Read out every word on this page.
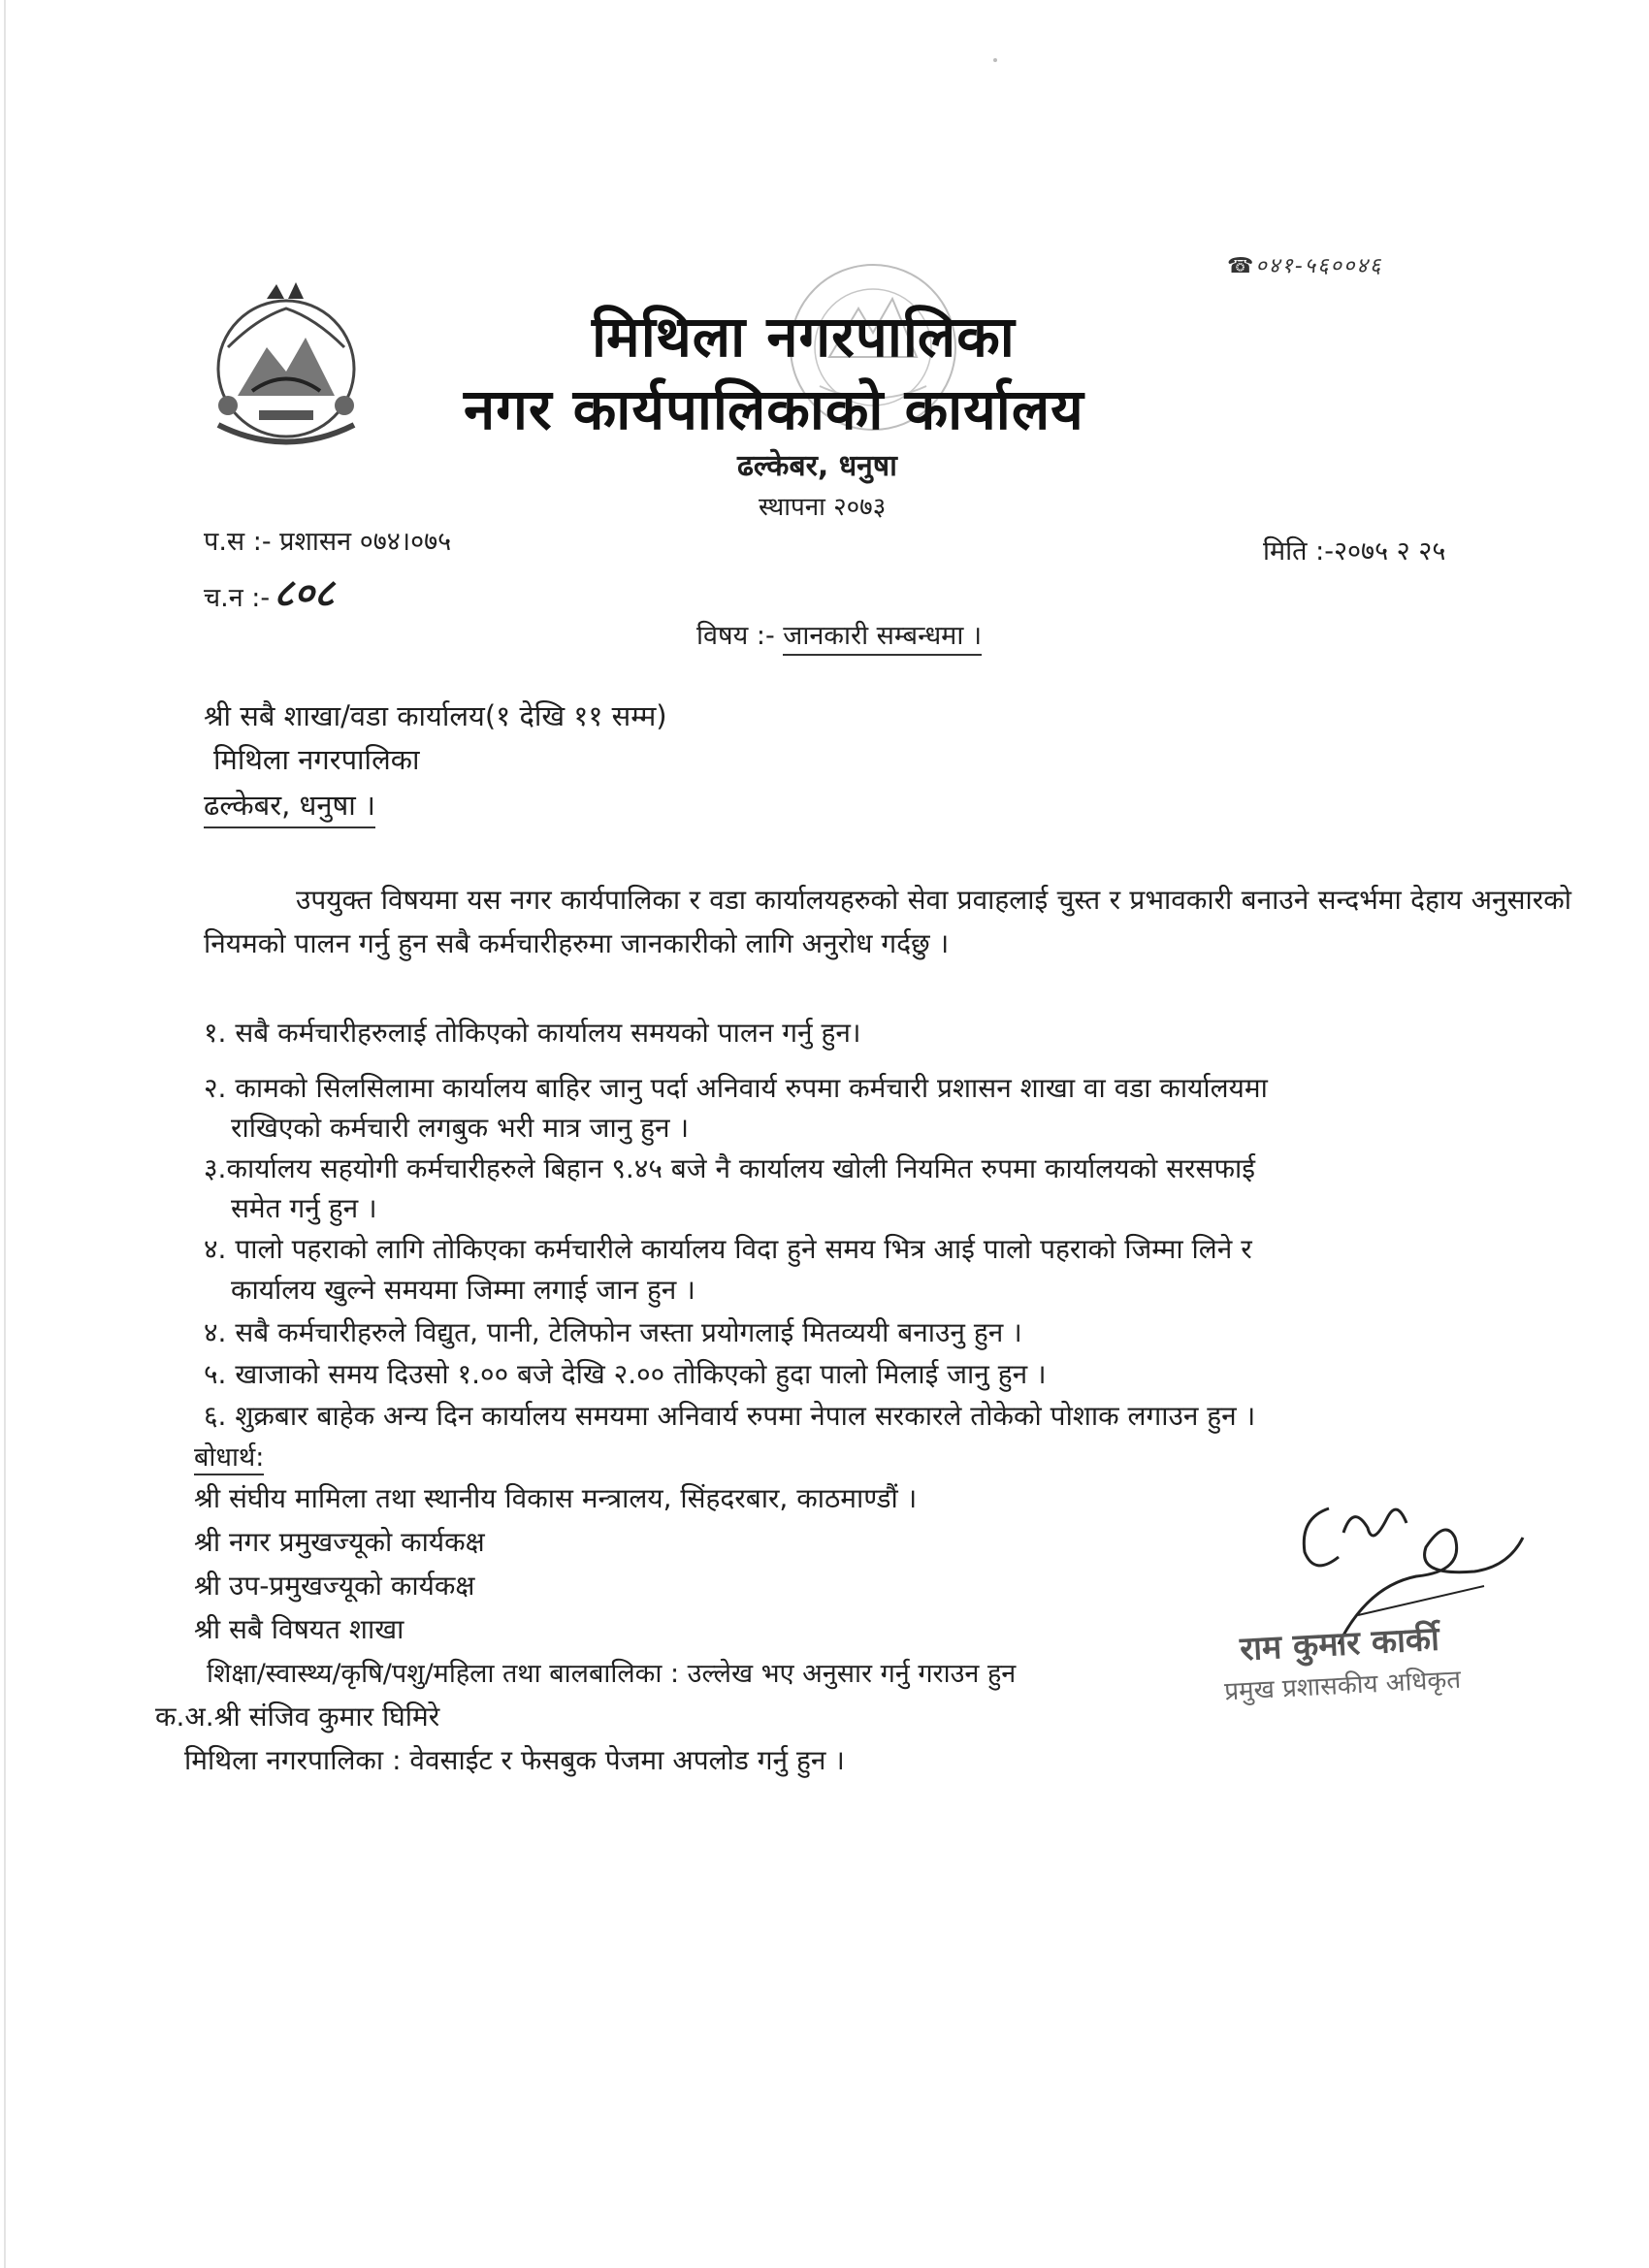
☎०४१-५६००४६
मिथिला नगरपालिका
नगर कार्यपालिकाको कार्यालय
ढल्केबर, धनुषा
स्थापना २०७३
प.स :- प्रशासन ०७४।०७५
च.न :- ८०८
मिति :-२०७५ २ २५
विषय :- जानकारी सम्बन्धमा ।
श्री सबै शाखा/वडा कार्यालय(१ देखि ११ सम्म)
मिथिला नगरपालिका
ढल्केबर, धनुषा ।
उपयुक्त विषयमा यस नगर कार्यपालिका र वडा कार्यालयहरुको सेवा प्रवाहलाई चुस्त र प्रभावकारी बनाउने सन्दर्भमा देहाय अनुसारको नियमको पालन गर्नु हुन सबै कर्मचारीहरुमा जानकारीको लागि अनुरोध गर्दछु ।
१. सबै कर्मचारीहरुलाई तोकिएको कार्यालय समयको पालन गर्नु हुन।
२. कामको सिलसिलामा कार्यालय बाहिर जानु पर्दा अनिवार्य रुपमा कर्मचारी प्रशासन शाखा वा वडा कार्यालयमा
राखिएको कर्मचारी लगबुक भरी मात्र जानु हुन ।
३.कार्यालय सहयोगी कर्मचारीहरुले बिहान ९.४५ बजे नै कार्यालय खोली नियमित रुपमा कार्यालयको सरसफाई
समेत गर्नु हुन ।
४. पालो पहराको लागि तोकिएका कर्मचारीले कार्यालय विदा हुने समय भित्र आई पालो पहराको जिम्मा लिने र
कार्यालय खुल्ने समयमा जिम्मा लगाई जान हुन ।
४. सबै कर्मचारीहरुले विद्युत, पानी, टेलिफोन जस्ता प्रयोगलाई मितव्ययी बनाउनु हुन ।
५. खाजाको समय दिउसो १.०० बजे देखि २.०० तोकिएको हुदा पालो मिलाई जानु हुन ।
६. शुक्रबार बाहेक अन्य दिन कार्यालय समयमा अनिवार्य रुपमा नेपाल सरकारले तोकेको पोशाक लगाउन हुन ।
बोधार्थ:
श्री संघीय मामिला तथा स्थानीय विकास मन्त्रालय, सिंहदरबार, काठमाण्डौं ।
श्री नगर प्रमुखज्यूको कार्यकक्ष
श्री उप-प्रमुखज्यूको कार्यकक्ष
श्री सबै विषयत शाखा
शिक्षा/स्वास्थ्य/कृषि/पशु/महिला तथा बालबालिका : उल्लेख भए अनुसार गर्नु गराउन हुन
क.अ.श्री संजिव कुमार घिमिरे
मिथिला नगरपालिका : वेवसाईट र फेसबुक पेजमा अपलोड गर्नु हुन ।
राम कुमार कार्की
प्रमुख प्रशासकीय अधिकृत
